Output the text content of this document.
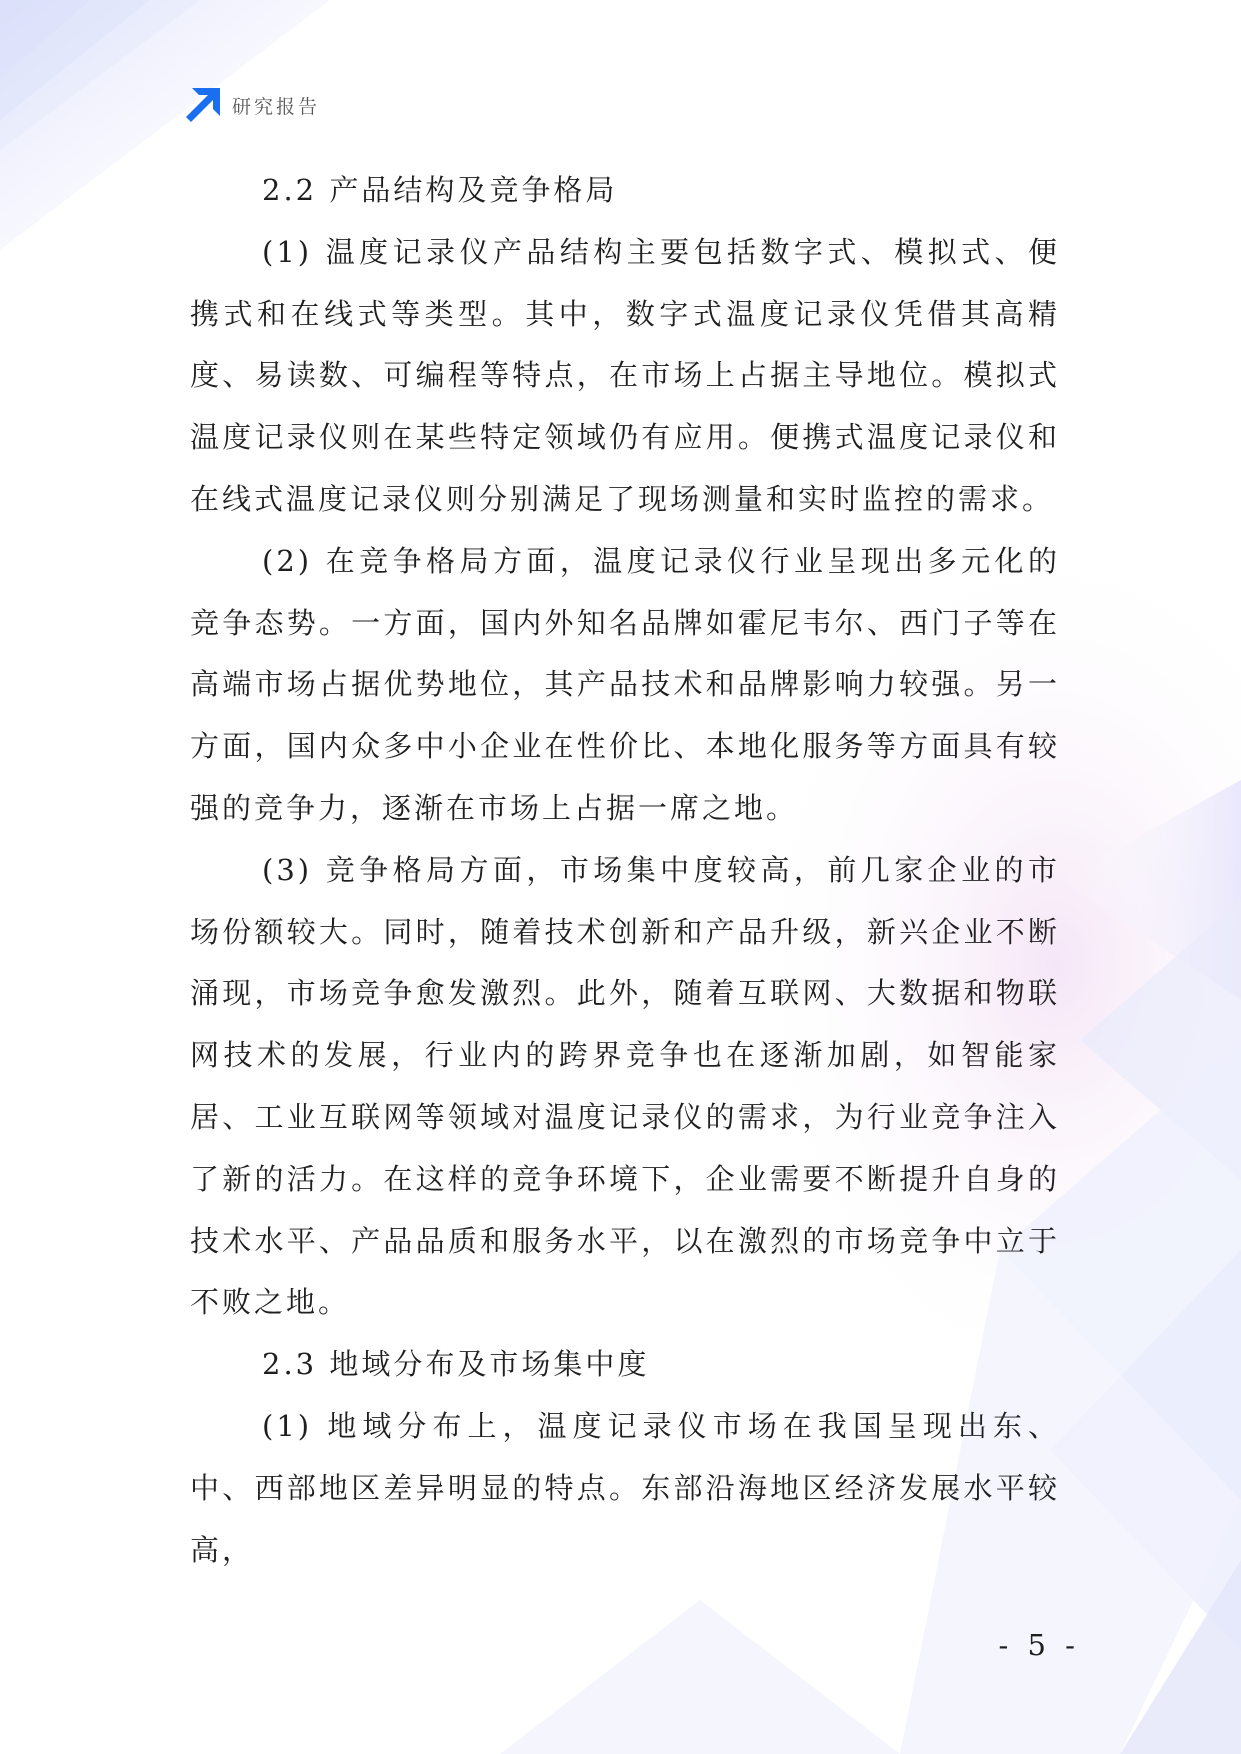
研究报告

2.2 产品结构及竞争格局

(1) 温度记录仪产品结构主要包括数字式、模拟式、便携式和在线式等类型。其中，数字式温度记录仪凭借其高精度、易读数、可编程等特点，在市场上占据主导地位。模拟式温度记录仪则在某些特定领域仍有应用。便携式温度记录仪和在线式温度记录仪则分别满足了现场测量和实时监控的需求。

(2) 在竞争格局方面，温度记录仪行业呈现出多元化的竞争态势。一方面，国内外知名品牌如霍尼韦尔、西门子等在高端市场占据优势地位，其产品技术和品牌影响力较强。另一方面，国内众多中小企业在性价比、本地化服务等方面具有较强的竞争力，逐渐在市场上占据一席之地。

(3) 竞争格局方面，市场集中度较高，前几家企业的市场份额较大。同时，随着技术创新和产品升级，新兴企业不断涌现，市场竞争愈发激烈。此外，随着互联网、大数据和物联网技术的发展，行业内的跨界竞争也在逐渐加剧，如智能家居、工业互联网等领域对温度记录仪的需求，为行业竞争注入了新的活力。在这样的竞争环境下，企业需要不断提升自身的技术水平、产品品质和服务水平，以在激烈的市场竞争中立于不败之地。

2.3 地域分布及市场集中度

(1) 地域分布上，温度记录仪市场在我国呈现出东、中、西部地区差异明显的特点。东部沿海地区经济发展水平较高，

- 5 -
